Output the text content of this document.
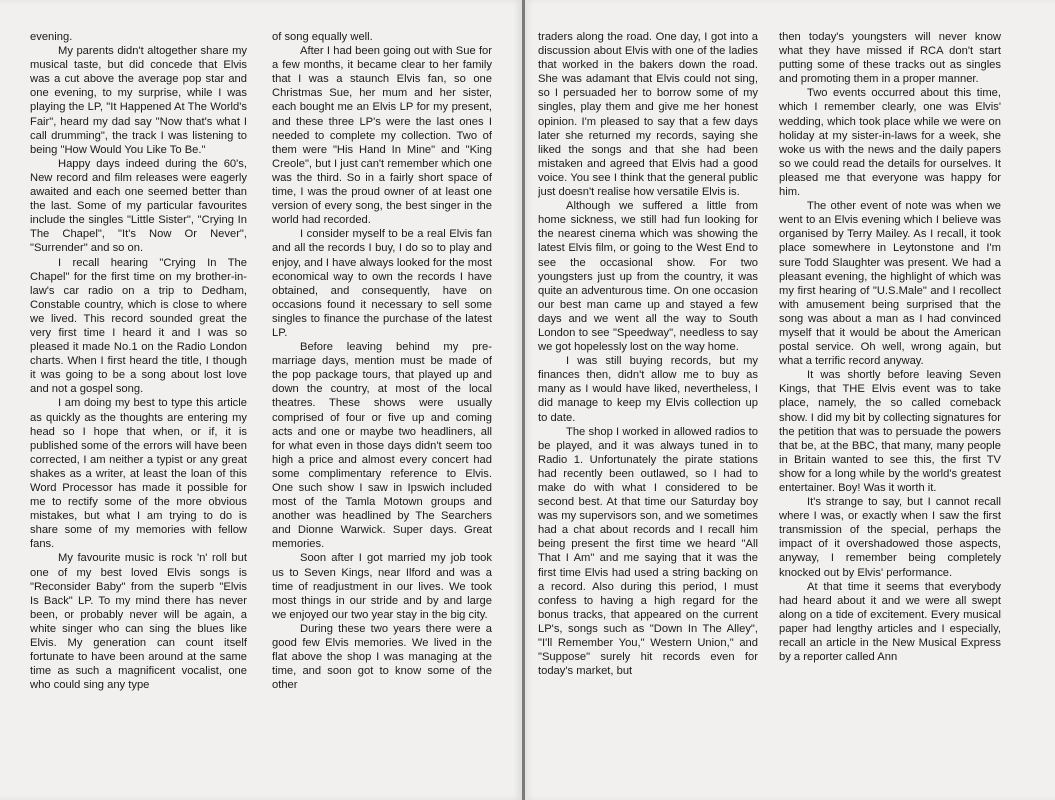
evening.

My parents didn't altogether share my musical taste, but did concede that Elvis was a cut above the average pop star and one evening, to my surprise, while I was playing the LP, "It Happened At The World's Fair", heard my dad say "Now that's what I call drumming", the track I was listening to being "How Would You Like To Be."

Happy days indeed during the 60's, New record and film releases were eagerly awaited and each one seemed better than the last. Some of my particular favourites include the singles "Little Sister", "Crying In The Chapel", "It's Now Or Never", "Surrender" and so on.

I recall hearing "Crying In The Chapel" for the first time on my brother-in-law's car radio on a trip to Dedham, Constable country, which is close to where we lived. This record sounded great the very first time I heard it and I was so pleased it made No.1 on the Radio London charts. When I first heard the title, I though it was going to be a song about lost love and not a gospel song.

I am doing my best to type this article as quickly as the thoughts are entering my head so I hope that when, or if, it is published some of the errors will have been corrected, I am neither a typist or any great shakes as a writer, at least the loan of this Word Processor has made it possible for me to rectify some of the more obvious mistakes, but what I am trying to do is share some of my memories with fellow fans.

My favourite music is rock 'n' roll but one of my best loved Elvis songs is "Reconsider Baby" from the superb "Elvis Is Back" LP. To my mind there has never been, or probably never will be again, a white singer who can sing the blues like Elvis. My generation can count itself fortunate to have been around at the same time as such a magnificent vocalist, one who could sing any type

of song equally well.

After I had been going out with Sue for a few months, it became clear to her family that I was a staunch Elvis fan, so one Christmas Sue, her mum and her sister, each bought me an Elvis LP for my present, and these three LP's were the last ones I needed to complete my collection. Two of them were "His Hand In Mine" and "King Creole", but I just can't remember which one was the third. So in a fairly short space of time, I was the proud owner of at least one version of every song, the best singer in the world had recorded.

I consider myself to be a real Elvis fan and all the records I buy, I do so to play and enjoy, and I have always looked for the most economical way to own the records I have obtained, and consequently, have on occasions found it necessary to sell some singles to finance the purchase of the latest LP.

Before leaving behind my pre-marriage days, mention must be made of the pop package tours, that played up and down the country, at most of the local theatres. These shows were usually comprised of four or five up and coming acts and one or maybe two headliners, all for what even in those days didn't seem too high a price and almost every concert had some complimentary reference to Elvis. One such show I saw in Ipswich included most of the Tamla Motown groups and another was headlined by The Searchers and Dionne Warwick. Super days. Great memories.

Soon after I got married my job took us to Seven Kings, near Ilford and was a time of readjustment in our lives. We took most things in our stride and by and large we enjoyed our two year stay in the big city.

During these two years there were a good few Elvis memories. We lived in the flat above the shop I was managing at the time, and soon got to know some of the other

traders along the road. One day, I got into a discussion about Elvis with one of the ladies that worked in the bakers down the road. She was adamant that Elvis could not sing, so I persuaded her to borrow some of my singles, play them and give me her honest opinion. I'm pleased to say that a few days later she returned my records, saying she liked the songs and that she had been mistaken and agreed that Elvis had a good voice. You see I think that the general public just doesn't realise how versatile Elvis is.

Although we suffered a little from home sickness, we still had fun looking for the nearest cinema which was showing the latest Elvis film, or going to the West End to see the occasional show. For two youngsters just up from the country, it was quite an adventurous time. On one occasion our best man came up and stayed a few days and we went all the way to South London to see "Speedway", needless to say we got hopelessly lost on the way home.

I was still buying records, but my finances then, didn't allow me to buy as many as I would have liked, nevertheless, I did manage to keep my Elvis collection up to date.

The shop I worked in allowed radios to be played, and it was always tuned in to Radio 1. Unfortunately the pirate stations had recently been outlawed, so I had to make do with what I considered to be second best. At that time our Saturday boy was my supervisors son, and we sometimes had a chat about records and I recall him being present the first time we heard "All That I Am" and me saying that it was the first time Elvis had used a string backing on a record. Also during this period, I must confess to having a high regard for the bonus tracks, that appeared on the current LP's, songs such as "Down In The Alley", "I'll Remember You," Western Union," and "Suppose" surely hit records even for today's market, but

then today's youngsters will never know what they have missed if RCA don't start putting some of these tracks out as singles and promoting them in a proper manner.

Two events occurred about this time, which I remember clearly, one was Elvis' wedding, which took place while we were on holiday at my sister-in-laws for a week, she woke us with the news and the daily papers so we could read the details for ourselves. It pleased me that everyone was happy for him.

The other event of note was when we went to an Elvis evening which I believe was organised by Terry Mailey. As I recall, it took place somewhere in Leytonstone and I'm sure Todd Slaughter was present. We had a pleasant evening, the highlight of which was my first hearing of "U.S.Male" and I recollect with amusement being surprised that the song was about a man as I had convinced myself that it would be about the American postal service. Oh well, wrong again, but what a terrific record anyway.

It was shortly before leaving Seven Kings, that THE Elvis event was to take place, namely, the so called comeback show. I did my bit by collecting signatures for the petition that was to persuade the powers that be, at the BBC, that many, many people in Britain wanted to see this, the first TV show for a long while by the world's greatest entertainer. Boy! Was it worth it.

It's strange to say, but I cannot recall where I was, or exactly when I saw the first transmission of the special, perhaps the impact of it overshadowed those aspects, anyway, I remember being completely knocked out by Elvis' performance.

At that time it seems that everybody had heard about it and we were all swept along on a tide of excitement. Every musical paper had lengthy articles and I especially, recall an article in the New Musical Express by a reporter called Ann
